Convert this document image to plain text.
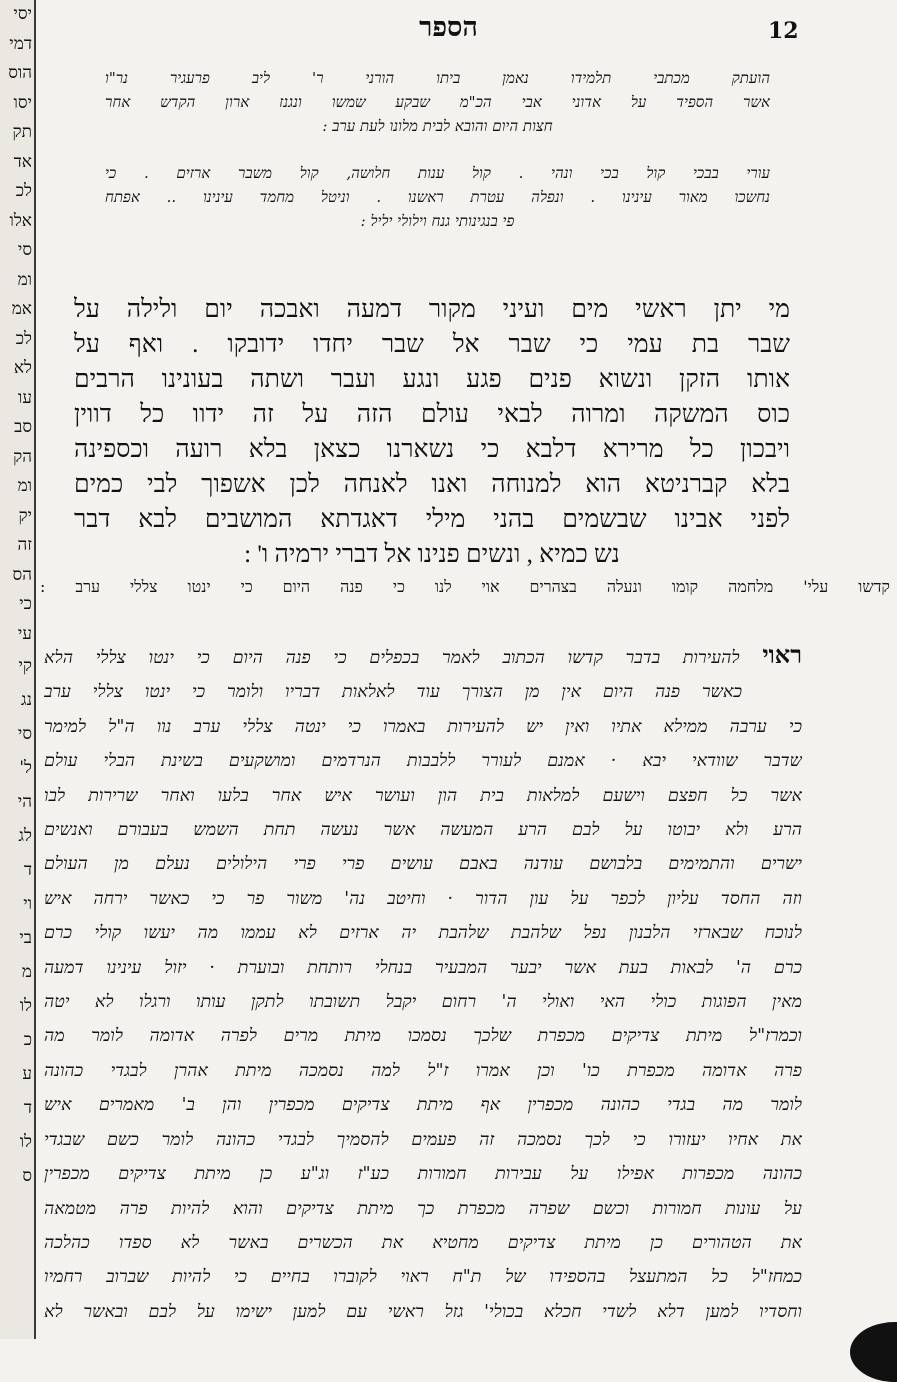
יסי
דמי
הוס
יסו
תק
אד
לכ
אלו
סי
ומ
אמ
לכ
לא
עו
סב
הק
ומ
יק
זה
הס
כי
עי
קי
נג
סי
ל'
הי
לג
ד
וי
בי
מ
לו
כ
ע
ד
לו
ס
הספר	12
הועתק מכתבי תלמידו נאמן ביתו הורני ר' ליב פרעגיר נר"ו
אשר הספיד על אדוני אבי הכ"מ שבקע שמשו ונגנז ארון הקדש אחר
חצות היום והובא לבית מלונו לעת ערב :
עורי בבכי קול בכי ונהי . קול ענות חלושה, קול משבר ארזים . כי
נחשכו מאור עינינו . ונפלה עטרת ראשנו . וניטל מחמד עינינו .. אפתח
פי בנגינותי גנח וילולי יליל :
מי יתן ראשי מים ועיני מקור דמעה ואבכה יום ולילה על
שבר בת עמי כי שבר אל שבר יחדו ידובקו . ואף על
אותו הזקן ונשוא פנים פגע ונגע ועבר ושתה בעונינו הרבים
כוס המשקה ומרוה לבאי עולם הזה על זה ידוו כל דווין
ויבכון כל מרירא דלבא כי נשארנו כצאן בלא רועה וכספינה
בלא קברניטא הוא למנוחה ואנו לאנחה לכן אשפוך לבי כמים
לפני אבינו שבשמים בהני מילי דאגדתא המושבים לבא דבר
נש כמיא , ונשים פנינו אל דברי ירמיה ו' :
קדשו עלי' מלחמה קומו ונעלה בצהרים אוי לנו כי פנה היום כי ינטו צללי ערב :
ראוי להעירות בדבר קדשו הכתוב לאמר בכפלים כי פנה היום כי ינטו צללי הלא
כאשר פנה היום אין מן הצורך עוד לאלאות דבריו ולומר כי ינטו צללי ערב
כי ערבה ממילא אתיו ואין יש להעירות באמרו כי ינטה צללי ערב נוו ה"ל למימר
שדבר שוודאי יבא · אמנם לעורר ללבבות הנרדמים ומושקעים בשינת הבלי עולם
אשר כל חפצם וישעם למלאות בית הון ועושר איש אחר בלעו ואחר שרירות לבו
הרע ולא יבוטו על לבם הרע המעשה אשר נעשה תחת השמש בעבורם ואנשים
ישרים והתמימים בלבושם עודנה באבם עושים פרי פרי הילולים נעלם מן העולם
וזה החסד עליון לכפר על עון הדור · וחיטב נה' משור פר כי כאשר ירחה איש
לנוכח שבארזי הלבנון נפל שלהבת שלהבת יה ארזים לא עממו מה יעשו קולי כרם
כרם ה' לבאות בעת אשר יבער המבעיר בנחלי רותחת ובוערת · יזול עינינו דמעה
מאין הפוגות כולי האי ואולי ה' רחום יקבל תשובתו לתקן עותו ורגלו לא יטה
וכמרז"ל מיתת צדיקים מכפרת שלכך נסמכו מיתת מרים לפרה אדומה לומר מה
פרה אדומה מכפרת כו' וכן אמרו ז"ל למה נסמכה מיתת אהרן לבגדי כהונה
לומר מה בגדי כהונה מכפרין אף מיתת צדיקים מכפרין והן ב' מאמרים איש
את אחיו יעזורו כי לכך נסמכה זה פעמים להסמיך לבגדי כהונה לומר כשם שבגדי
כהונה מכפרות אפילו על עבירות חמורות כע"ז וג"ע כן מיתת צדיקים מכפרין
על עונות חמורות וכשם שפרה מכפרת כך מיתת צדיקים והוא להיות פרה מטמאה
את הטהורים כן מיתת צדיקים מחטיא את הכשרים באשר לא ספדו כהלכה
כמחז"ל כל המתעצל בהספידו של ת"ח ראוי לקוברו בחיים כי להיות שברוב רחמיו
וחסדיו למען דלא לשדי חכלא בכולי' גזל ראשי עם למען ישימו על לבם ובאשר לא
